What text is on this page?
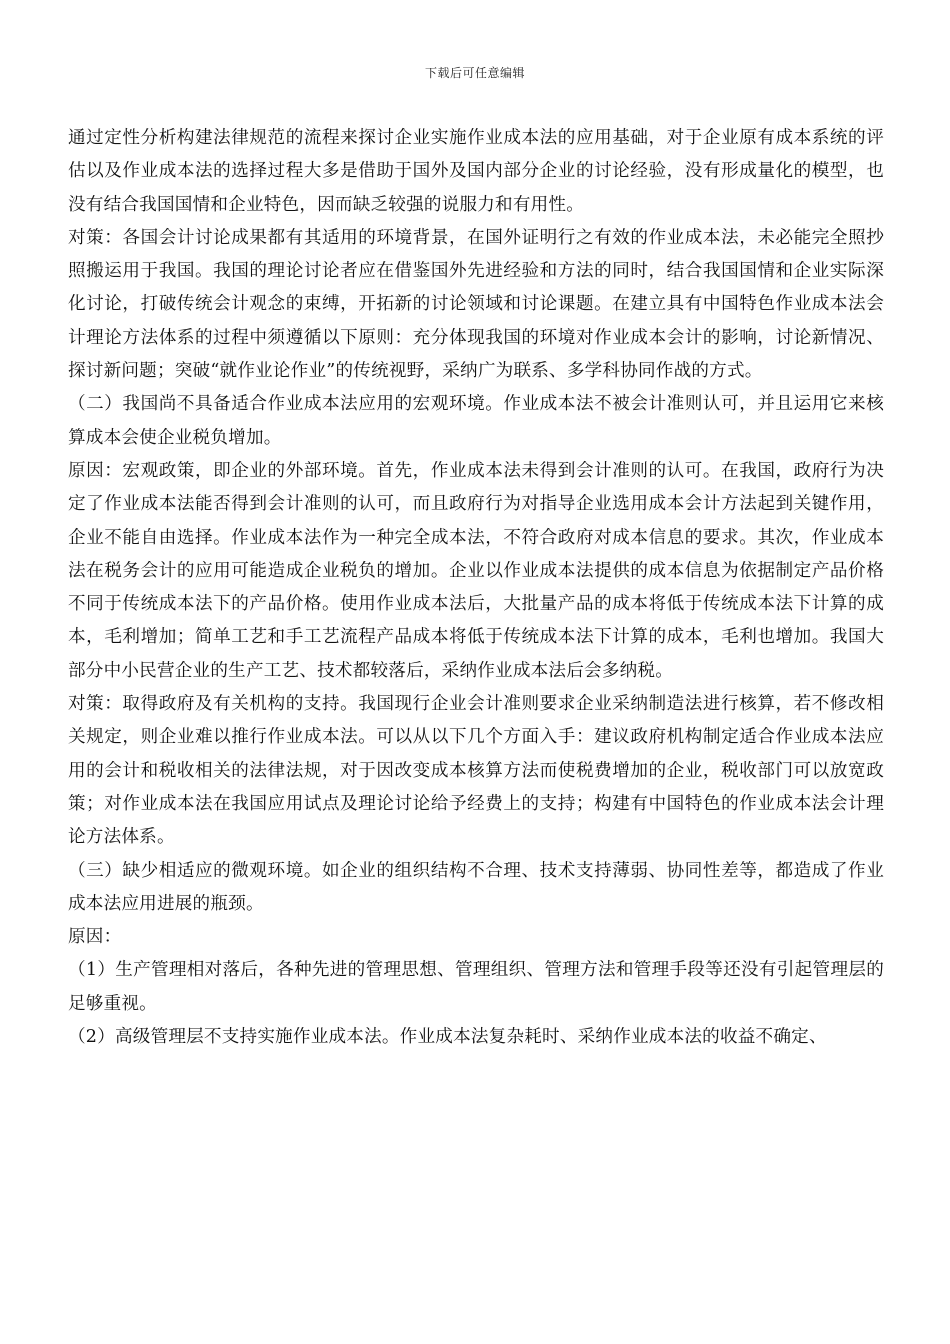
下载后可任意编辑

通过定性分析构建法律规范的流程来探讨企业实施作业成本法的应用基础，对于企业原有成本系统的评估以及作业成本法的选择过程大多是借助于国外及国内部分企业的讨论经验，没有形成量化的模型，也没有结合我国国情和企业特色，因而缺乏较强的说服力和有用性。

对策：各国会计讨论成果都有其适用的环境背景，在国外证明行之有效的作业成本法，未必能完全照抄照搬运用于我国。我国的理论讨论者应在借鉴国外先进经验和方法的同时，结合我国国情和企业实际深化讨论，打破传统会计观念的束缚，开拓新的讨论领域和讨论课题。在建立具有中国特色作业成本法会计理论方法体系的过程中须遵循以下原则：充分体现我国的环境对作业成本会计的影响，讨论新情况、探讨新问题；突破“就作业论作业”的传统视野，采纳广为联系、多学科协同作战的方式。

（二）我国尚不具备适合作业成本法应用的宏观环境。作业成本法不被会计准则认可，并且运用它来核算成本会使企业税负增加。

原因：宏观政策，即企业的外部环境。首先，作业成本法未得到会计准则的认可。在我国，政府行为决定了作业成本法能否得到会计准则的认可，而且政府行为对指导企业选用成本会计方法起到关键作用，企业不能自由选择。作业成本法作为一种完全成本法，不符合政府对成本信息的要求。其次，作业成本法在税务会计的应用可能造成企业税负的增加。企业以作业成本法提供的成本信息为依据制定产品价格不同于传统成本法下的产品价格。使用作业成本法后，大批量产品的成本将低于传统成本法下计算的成本，毛利增加；简单工艺和手工艺流程产品成本将低于传统成本法下计算的成本，毛利也增加。我国大部分中小民营企业的生产工艺、技术都较落后，采纳作业成本法后会多纳税。

对策：取得政府及有关机构的支持。我国现行企业会计准则要求企业采纳制造法进行核算，若不修改相关规定，则企业难以推行作业成本法。可以从以下几个方面入手：建议政府机构制定适合作业成本法应用的会计和税收相关的法律法规，对于因改变成本核算方法而使税费增加的企业，税收部门可以放宽政策；对作业成本法在我国应用试点及理论讨论给予经费上的支持；构建有中国特色的作业成本法会计理论方法体系。

（三）缺少相适应的微观环境。如企业的组织结构不合理、技术支持薄弱、协同性差等，都造成了作业成本法应用进展的瓶颈。

原因：

（1）生产管理相对落后，各种先进的管理思想、管理组织、管理方法和管理手段等还没有引起管理层的足够重视。

（2）高级管理层不支持实施作业成本法。作业成本法复杂耗时、采纳作业成本法的收益不确定、
